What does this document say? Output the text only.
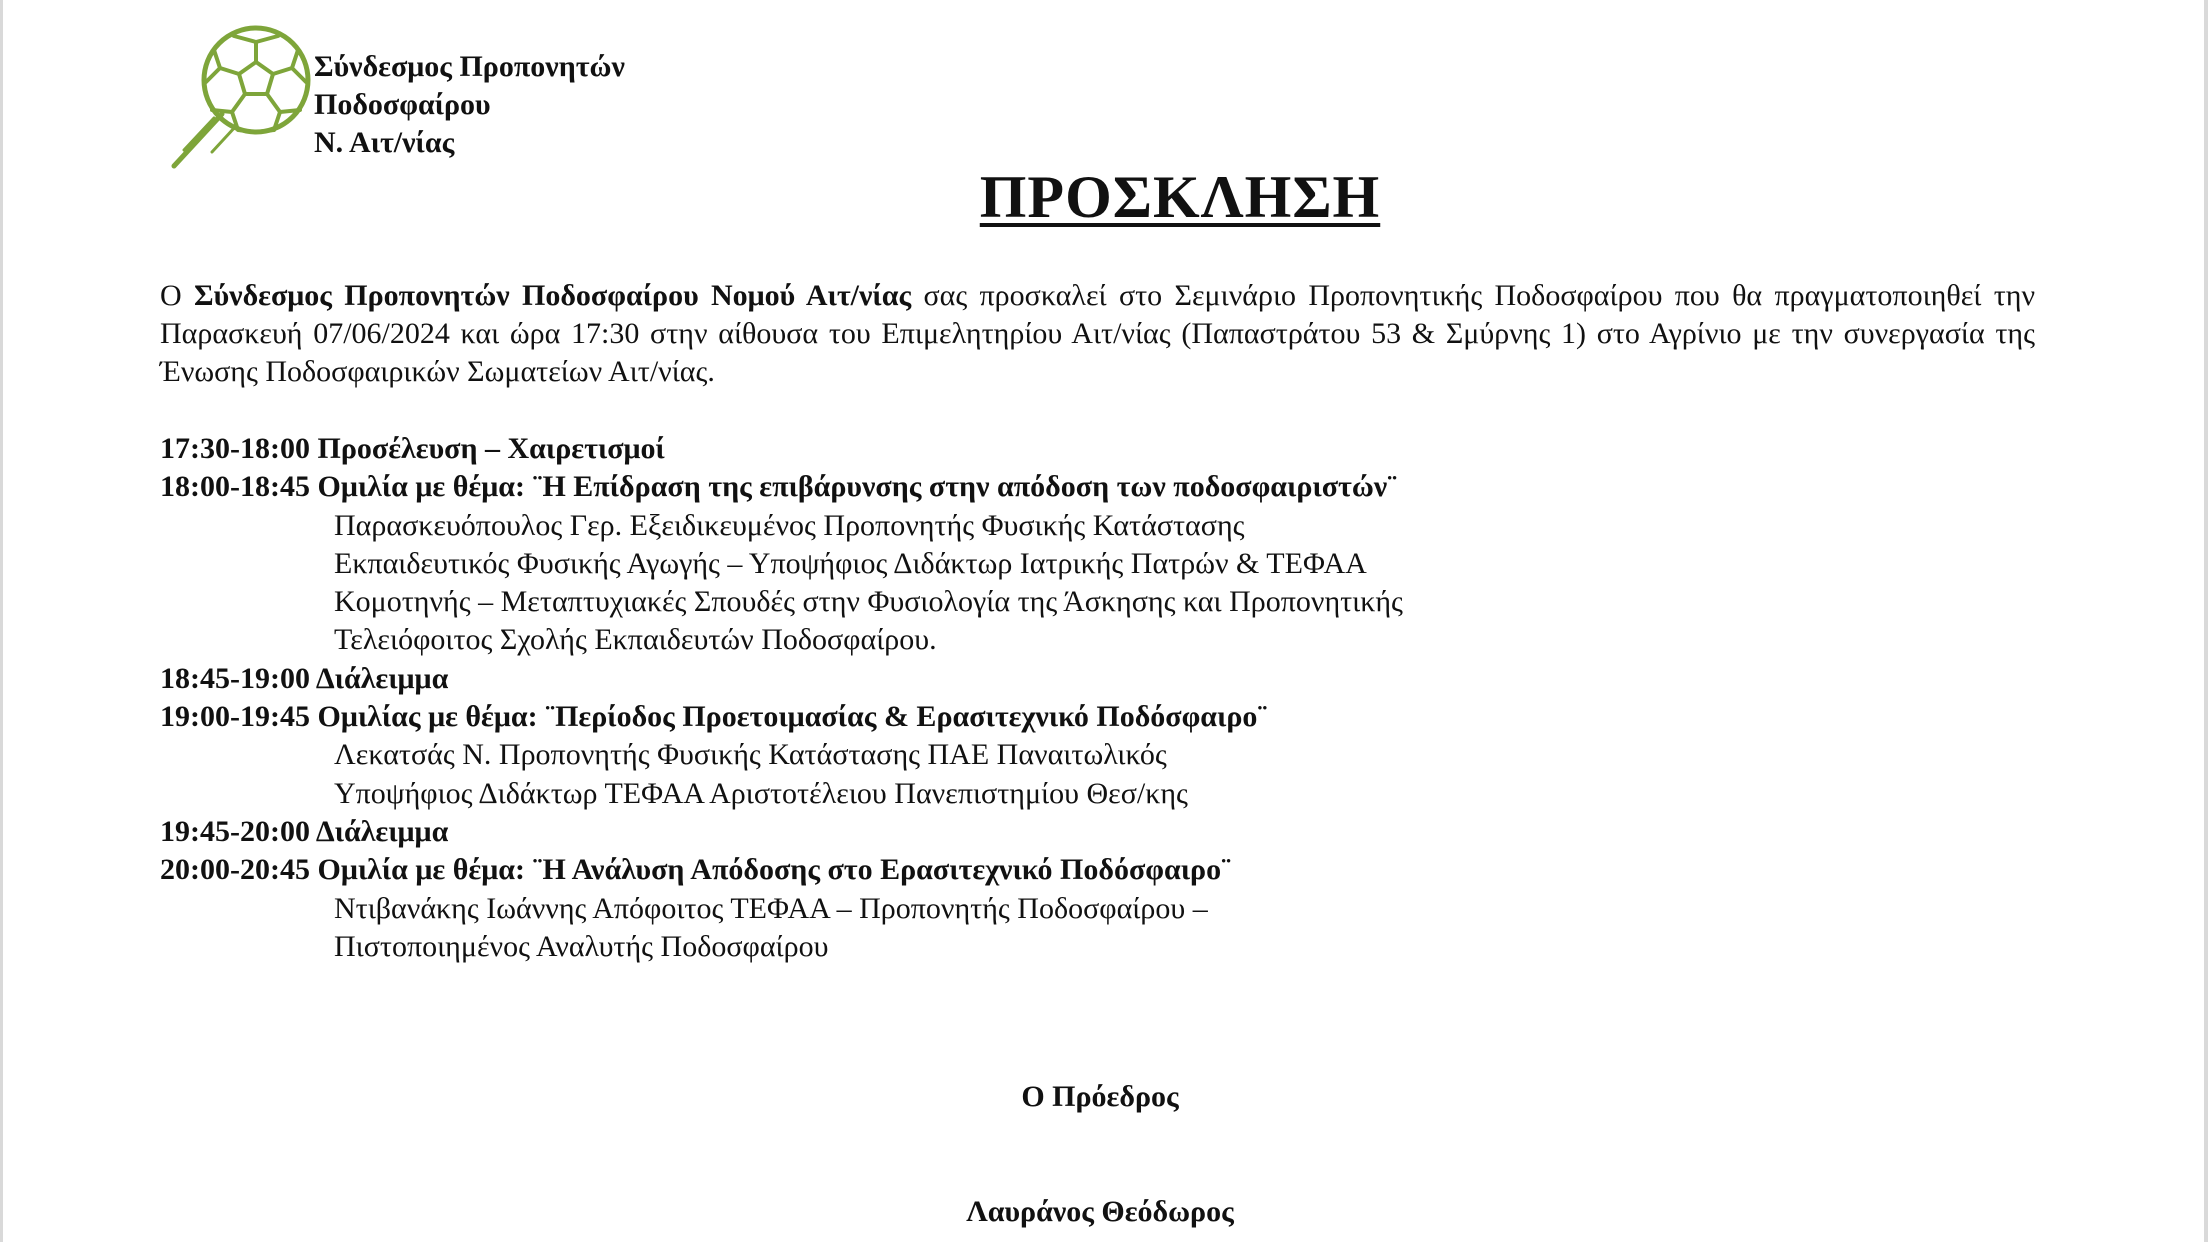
Σύνδεσμος Προπονητών
Ποδοσφαίρου
Ν. Αιτ/νίας
ΠΡΟΣΚΛΗΣΗ
Ο Σύνδεσμος Προπονητών Ποδοσφαίρου Νομού Αιτ/νίας σας προσκαλεί στο Σεμινάριο Προπονητικής Ποδοσφαίρου που θα πραγματοποιηθεί την Παρασκευή 07/06/2024 και ώρα 17:30 στην αίθουσα του Επιμελητηρίου Αιτ/νίας (Παπαστράτου 53 & Σμύρνης 1) στο Αγρίνιο με την συνεργασία της Ένωσης Ποδοσφαιρικών Σωματείων Αιτ/νίας.
17:30-18:00 Προσέλευση – Χαιρετισμοί
18:00-18:45 Ομιλία με θέμα: ¨Η Επίδραση της επιβάρυνσης στην απόδοση των ποδοσφαιριστών¨
Παρασκευόπουλος Γερ. Εξειδικευμένος Προπονητής Φυσικής Κατάστασης
Εκπαιδευτικός Φυσικής Αγωγής – Υποψήφιος Διδάκτωρ Ιατρικής Πατρών & ΤΕΦΑΑ
Κομοτηνής – Μεταπτυχιακές Σπουδές στην Φυσιολογία της Άσκησης και Προπονητικής
Τελειόφοιτος Σχολής Εκπαιδευτών Ποδοσφαίρου.
18:45-19:00 Διάλειμμα
19:00-19:45 Ομιλίας με θέμα: ¨Περίοδος Προετοιμασίας & Ερασιτεχνικό Ποδόσφαιρο¨
Λεκατσάς Ν. Προπονητής Φυσικής Κατάστασης ΠΑΕ Παναιτωλικός
Υποψήφιος Διδάκτωρ ΤΕΦΑΑ Αριστοτέλειου Πανεπιστημίου Θεσ/κης
19:45-20:00 Διάλειμμα
20:00-20:45 Ομιλία με θέμα: ¨Η Ανάλυση Απόδοσης στο Ερασιτεχνικό Ποδόσφαιρο¨
Ντιβανάκης Ιωάννης Απόφοιτος ΤΕΦΑΑ – Προπονητής Ποδοσφαίρου –
Πιστοποιημένος Αναλυτής Ποδοσφαίρου
Ο Πρόεδρος
Λαυράνος Θεόδωρος
